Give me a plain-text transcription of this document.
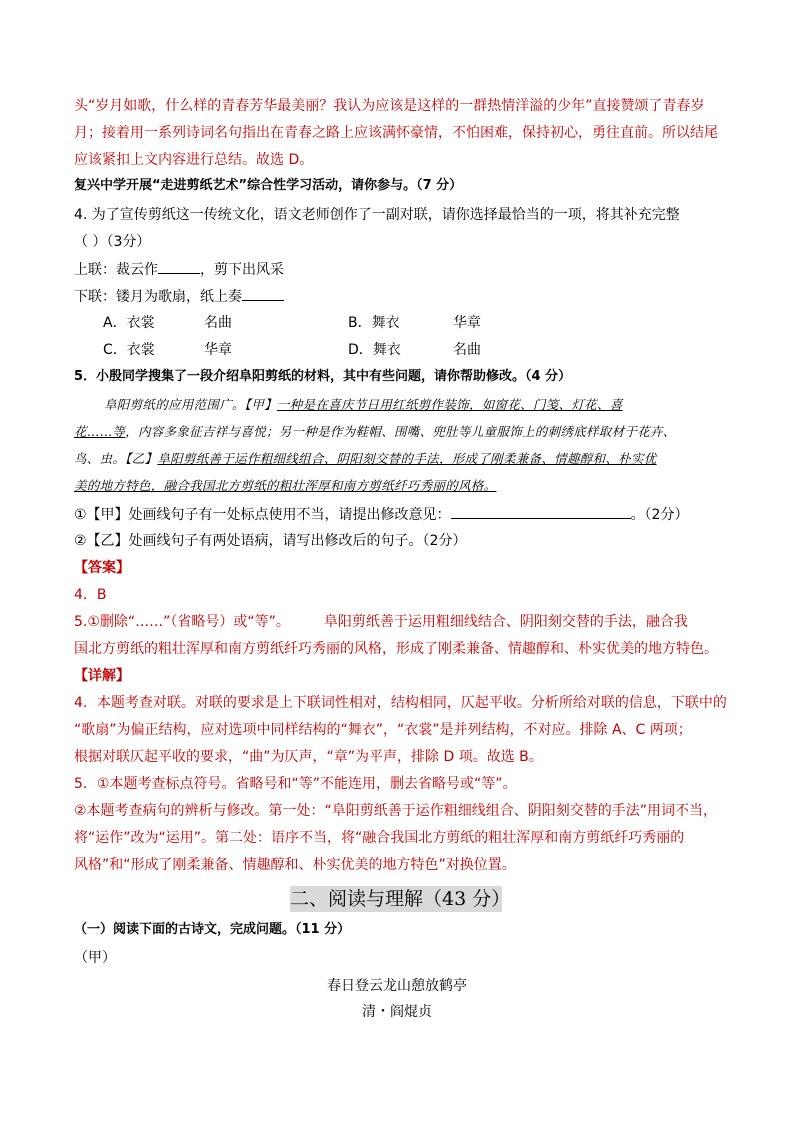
头“岁月如歌，什么样的青春芳华最美丽？我认为应该是这样的一群热情洋溢的少年”直接赞颂了青春岁
月；接着用一系列诗词名句指出在青春之路上应该满怀豪情，不怕困难，保持初心，勇往直前。所以结尾
应该紧扣上文内容进行总结。故选 D。
复兴中学开展“走进剪纸艺术”综合性学习活动，请你参与。（7 分）
4. 为了宣传剪纸这一传统文化，语文老师创作了一副对联，请你选择最恰当的一项，将其补充完整
（ ）（3分）
上联：裁云作	，剪下出风采
下联：镂月为歌扇，纸上奏
A．衣裳	名曲	B．舞衣	华章
C．衣裳	华章	D．舞衣	名曲
5．小殷同学搜集了一段介绍阜阳剪纸的材料，其中有些问题，请你帮助修改。（4 分）
阜阳剪纸的应用范围广。【甲】一种是在喜庆节日用红纸剪作装饰，如窗花、门笺、灯花、喜
花……等，内容多象征吉祥与喜悦；另一种是作为鞋帽、围嘴、兜肚等儿童服饰上的刺绣底样取材于花卉、
鸟、虫。【乙】阜阳剪纸善于运作粗细线组合、阴阳刻交替的手法，形成了刚柔兼备、情趣醇和、朴实优
美的地方特色，融合我国北方剪纸的粗壮浑厚和南方剪纸纤巧秀丽的风格。
①【甲】处画线句子有一处标点使用不当，请提出修改意见：	。（2分）
②【乙】处画线句子有两处语病，请写出修改后的句子。（2分）
【答案】
4．B
5.①删除“……”（省略号）或“等”。 阜阳剪纸善于运用粗细线结合、阴阳刻交替的手法，融合我
国北方剪纸的粗壮浑厚和南方剪纸纤巧秀丽的风格，形成了刚柔兼备、情趣醇和、朴实优美的地方特色。
【详解】
4．本题考查对联。对联的要求是上下联词性相对，结构相同，仄起平收。分析所给对联的信息，下联中的
“歌扇”为偏正结构，应对选项中同样结构的“舞衣”，“衣裳”是并列结构，不对应。排除 A、C 两项；
根据对联仄起平收的要求，“曲”为仄声，“章”为平声，排除 D 项。故选 B。
5．①本题考查标点符号。省略号和“等”不能连用，删去省略号或“等”。
②本题考查病句的辨析与修改。第一处：“阜阳剪纸善于运作粗细线组合、阴阳刻交替的手法”用词不当，
将“运作”改为“运用”。第二处：语序不当，将“融合我国北方剪纸的粗壮浑厚和南方剪纸纤巧秀丽的
风格”和“形成了刚柔兼备、情趣醇和、朴实优美的地方特色”对换位置。
二、阅读与理解（43 分）
（一）阅读下面的古诗文，完成问题。（11 分）
（甲）
春日登云龙山憩放鹤亭
清・阎焜贞
